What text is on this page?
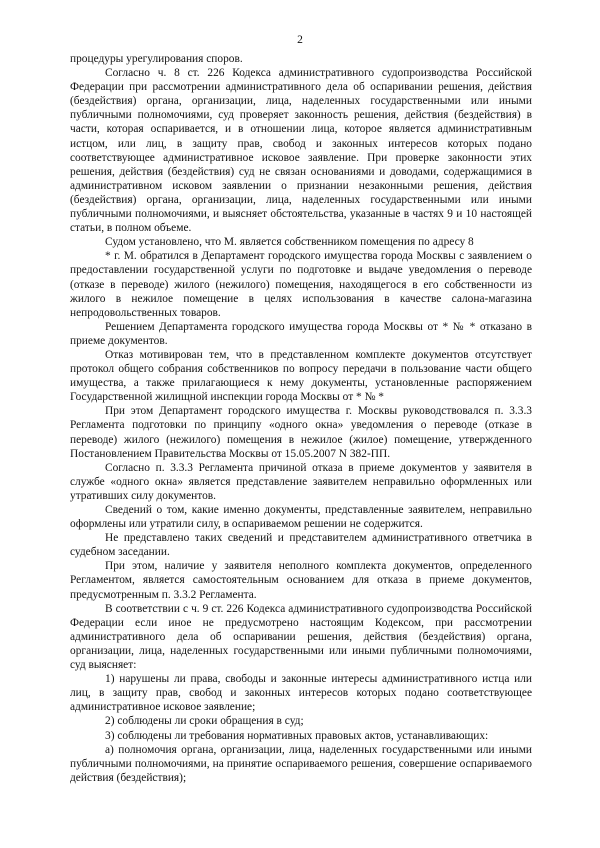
2

процедуры урегулирования споров.

Согласно ч. 8 ст. 226 Кодекса административного судопроизводства Российской Федерации при рассмотрении административного дела об оспаривании решения, действия (бездействия) органа, организации, лица, наделенных государственными или иными публичными полномочиями, суд проверяет законность решения, действия (бездействия) в части, которая оспаривается, и в отношении лица, которое является административным истцом, или лиц, в защиту прав, свобод и законных интересов которых подано соответствующее административное исковое заявление. При проверке законности этих решения, действия (бездействия) суд не связан основаниями и доводами, содержащимися в административном исковом заявлении о признании незаконными решения, действия (бездействия) органа, организации, лица, наделенных государственными или иными публичными полномочиями, и выясняет обстоятельства, указанные в частях 9 и 10 настоящей статьи, в полном объеме.

Судом установлено, что М. является собственником помещения по адресу 8

* г. М. обратился в Департамент городского имущества города Москвы с заявлением о предоставлении государственной услуги по подготовке и выдаче уведомления о переводе (отказе в переводе) жилого (нежилого) помещения, находящегося в его собственности из жилого в нежилое помещение в целях использования в качестве салона-магазина непродовольственных товаров.

Решением Департамента городского имущества города Москвы от * № * отказано в приеме документов.

Отказ мотивирован тем, что в представленном комплекте документов отсутствует протокол общего собрания собственников по вопросу передачи в пользование части общего имущества, а также прилагающиеся к нему документы, установленные распоряжением Государственной жилищной инспекции города Москвы от * № *

При этом Департамент городского имущества г. Москвы руководствовался п. 3.3.3 Регламента подготовки по принципу «одного окна» уведомления о переводе (отказе в переводе) жилого (нежилого) помещения в нежилое (жилое) помещение, утвержденного Постановлением Правительства Москвы от 15.05.2007 N 382-ПП.

Согласно п. 3.3.3 Регламента причиной отказа в приеме документов у заявителя в службе «одного окна» является представление заявителем неправильно оформленных или утративших силу документов.

Сведений о том, какие именно документы, представленные заявителем, неправильно оформлены или утратили силу, в оспариваемом решении не содержится.

Не представлено таких сведений и представителем административного ответчика в судебном заседании.

При этом, наличие у заявителя неполного комплекта документов, определенного Регламентом, является самостоятельным основанием для отказа в приеме документов, предусмотренным п. 3.3.2 Регламента.

В соответствии с ч. 9 ст. 226 Кодекса административного судопроизводства Российской Федерации если иное не предусмотрено настоящим Кодексом, при рассмотрении административного дела об оспаривании решения, действия (бездействия) органа, организации, лица, наделенных государственными или иными публичными полномочиями, суд выясняет:

1) нарушены ли права, свободы и законные интересы административного истца или лиц, в защиту прав, свобод и законных интересов которых подано соответствующее административное исковое заявление;

2) соблюдены ли сроки обращения в суд;

3) соблюдены ли требования нормативных правовых актов, устанавливающих:

а) полномочия органа, организации, лица, наделенных государственными или иными публичными полномочиями, на принятие оспариваемого решения, совершение оспариваемого действия (бездействия);
